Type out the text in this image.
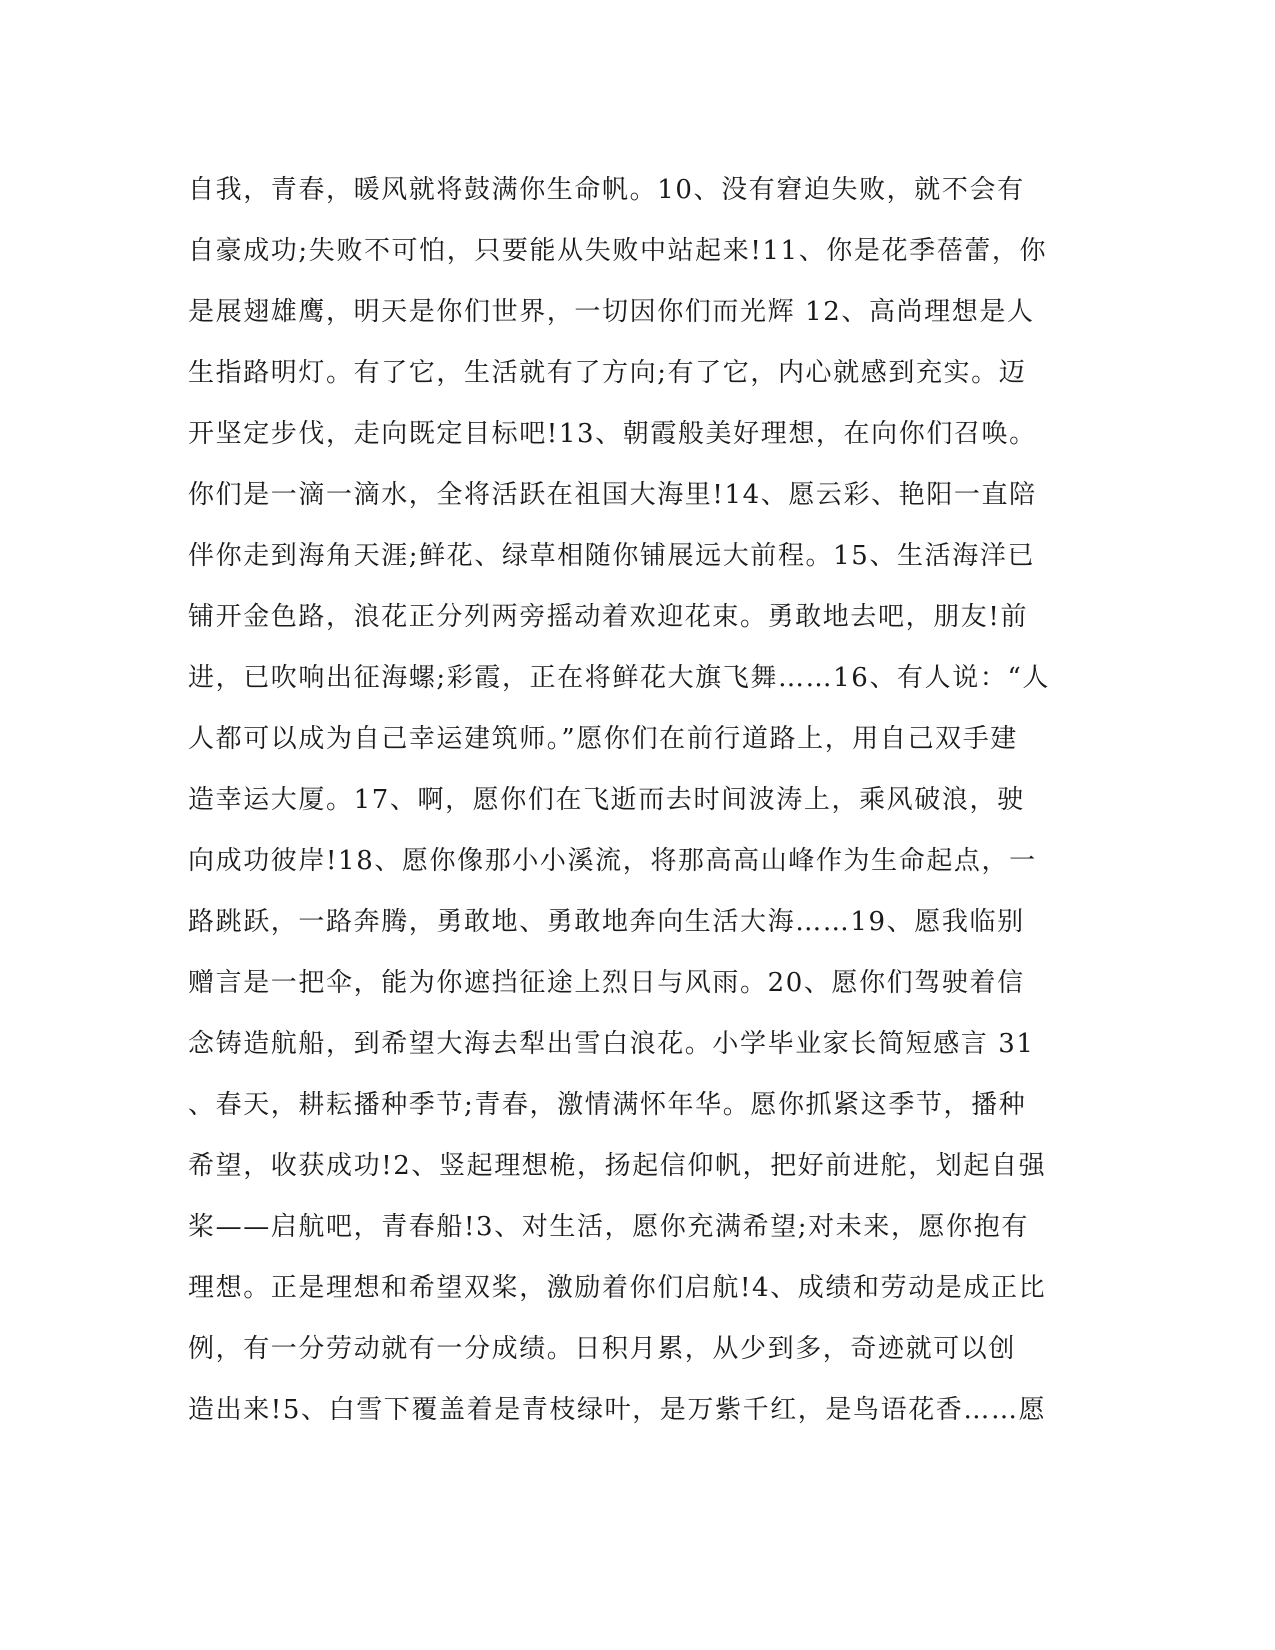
自我，青春，暖风就将鼓满你生命帆。10、没有窘迫失败，就不会有
自豪成功;失败不可怕，只要能从失败中站起来!11、你是花季蓓蕾，你
是展翅雄鹰，明天是你们世界，一切因你们而光辉 12、高尚理想是人
生指路明灯。有了它，生活就有了方向;有了它，内心就感到充实。迈
开坚定步伐，走向既定目标吧!13、朝霞般美好理想，在向你们召唤。
你们是一滴一滴水，全将活跃在祖国大海里!14、愿云彩、艳阳一直陪
伴你走到海角天涯;鲜花、绿草相随你铺展远大前程。15、生活海洋已
铺开金色路，浪花正分列两旁摇动着欢迎花束。勇敢地去吧，朋友!前
进，已吹响出征海螺;彩霞，正在将鲜花大旗飞舞……16、有人说：“人
人都可以成为自己幸运建筑师。”愿你们在前行道路上，用自己双手建
造幸运大厦。17、啊，愿你们在飞逝而去时间波涛上，乘风破浪，驶
向成功彼岸!18、愿你像那小小溪流，将那高高山峰作为生命起点，一
路跳跃，一路奔腾，勇敢地、勇敢地奔向生活大海……19、愿我临别
赠言是一把伞，能为你遮挡征途上烈日与风雨。20、愿你们驾驶着信
念铸造航船，到希望大海去犁出雪白浪花。小学毕业家长简短感言 31
、春天，耕耘播种季节;青春，激情满怀年华。愿你抓紧这季节，播种
希望，收获成功!2、竖起理想桅，扬起信仰帆，把好前进舵，划起自强
桨——启航吧，青春船!3、对生活，愿你充满希望;对未来，愿你抱有
理想。正是理想和希望双桨，激励着你们启航!4、成绩和劳动是成正比
例，有一分劳动就有一分成绩。日积月累，从少到多，奇迹就可以创
造出来!5、白雪下覆盖着是青枝绿叶，是万紫千红，是鸟语花香……愿
